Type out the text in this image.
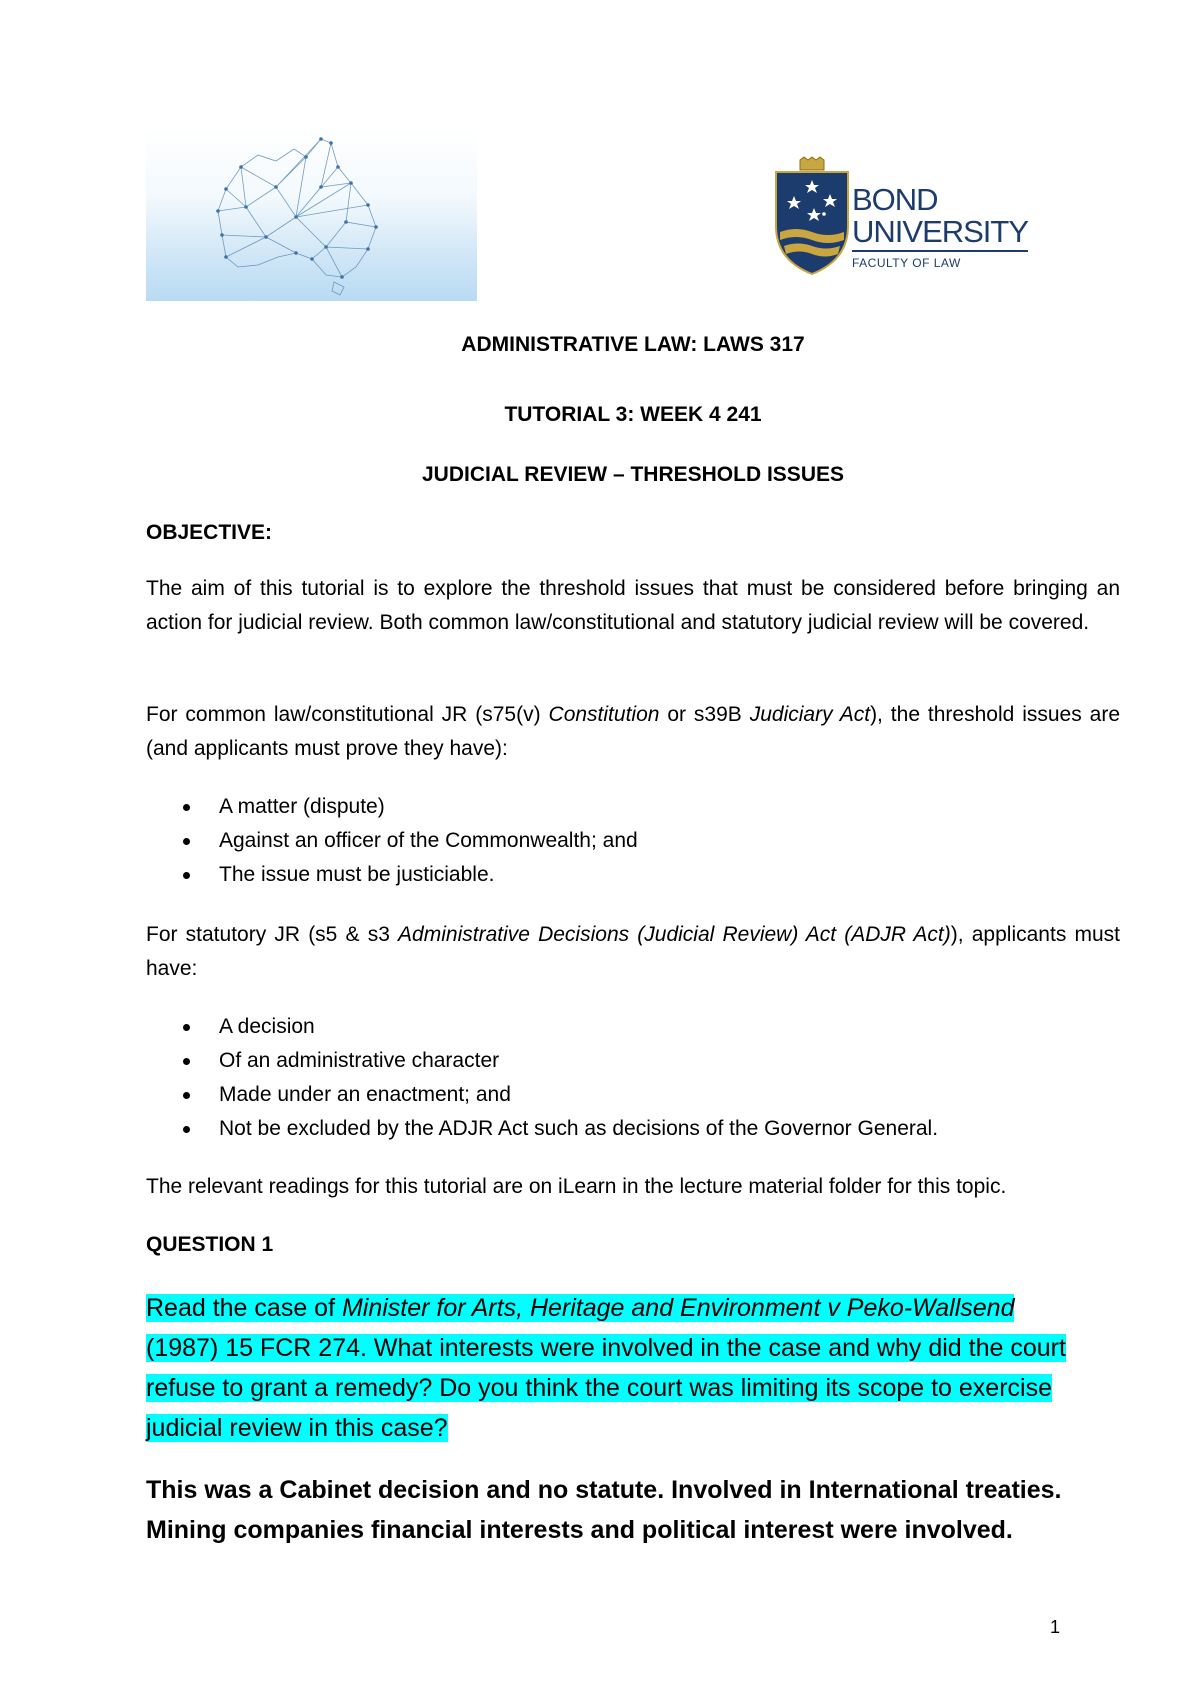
BOND
UNIVERSITY
FACULTY OF LAW
ADMINISTRATIVE LAW: LAWS 317
TUTORIAL 3: WEEK 4 241
JUDICIAL REVIEW – THRESHOLD ISSUES
OBJECTIVE:
The aim of this tutorial is to explore the threshold issues that must be considered before bringing an action for judicial review. Both common law/constitutional and statutory judicial review will be covered.
For common law/constitutional JR (s75(v) Constitution or s39B Judiciary Act), the threshold issues are (and applicants must prove they have):
A matter (dispute)
Against an officer of the Commonwealth; and
The issue must be justiciable.
For statutory JR (s5 & s3 Administrative Decisions (Judicial Review) Act (ADJR Act)), applicants must have:
A decision
Of an administrative character
Made under an enactment; and
Not be excluded by the ADJR Act such as decisions of the Governor General.
The relevant readings for this tutorial are on iLearn in the lecture material folder for this topic.
QUESTION 1
Read the case of Minister for Arts, Heritage and Environment v Peko-Wallsend (1987) 15 FCR 274. What interests were involved in the case and why did the court refuse to grant a remedy? Do you think the court was limiting its scope to exercise judicial review in this case?
This was a Cabinet decision and no statute. Involved in International treaties. Mining companies financial interests and political interest were involved.
1
